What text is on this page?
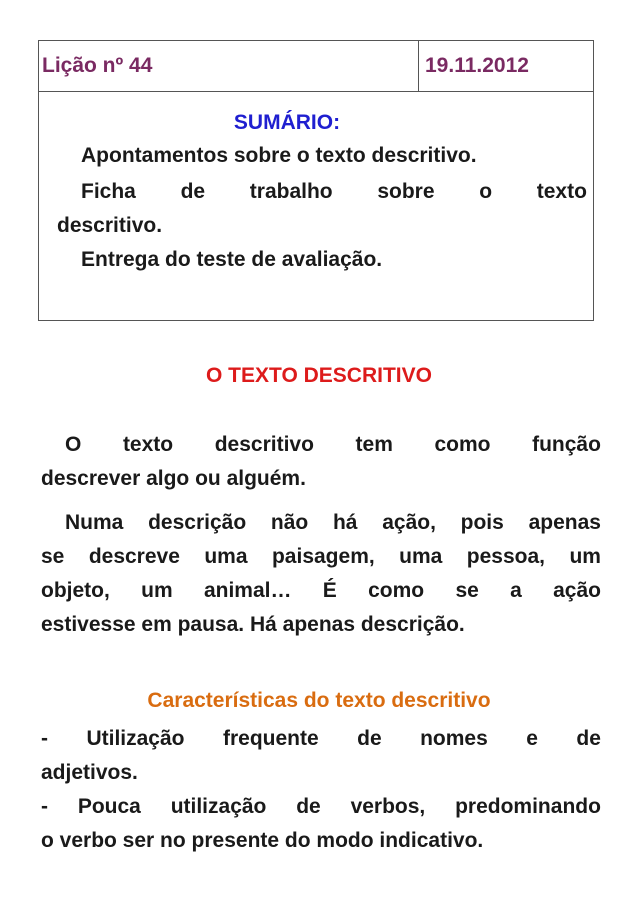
Lição nº 44	19.11.2012

SUMÁRIO:
Apontamentos sobre o texto descritivo.
Ficha de trabalho sobre o texto
descritivo.
Entrega do teste de avaliação.
O TEXTO DESCRITIVO
O texto descritivo tem como função
descrever algo ou alguém.
Numa descrição não há ação, pois apenas
se descreve uma paisagem, uma pessoa, um
objeto, um animal… É como se a ação
estivesse em pausa. Há apenas descrição.
Características do texto descritivo
- Utilização frequente de nomes e de
adjetivos.
- Pouca utilização de verbos, predominando
o verbo ser no presente do modo indicativo.
